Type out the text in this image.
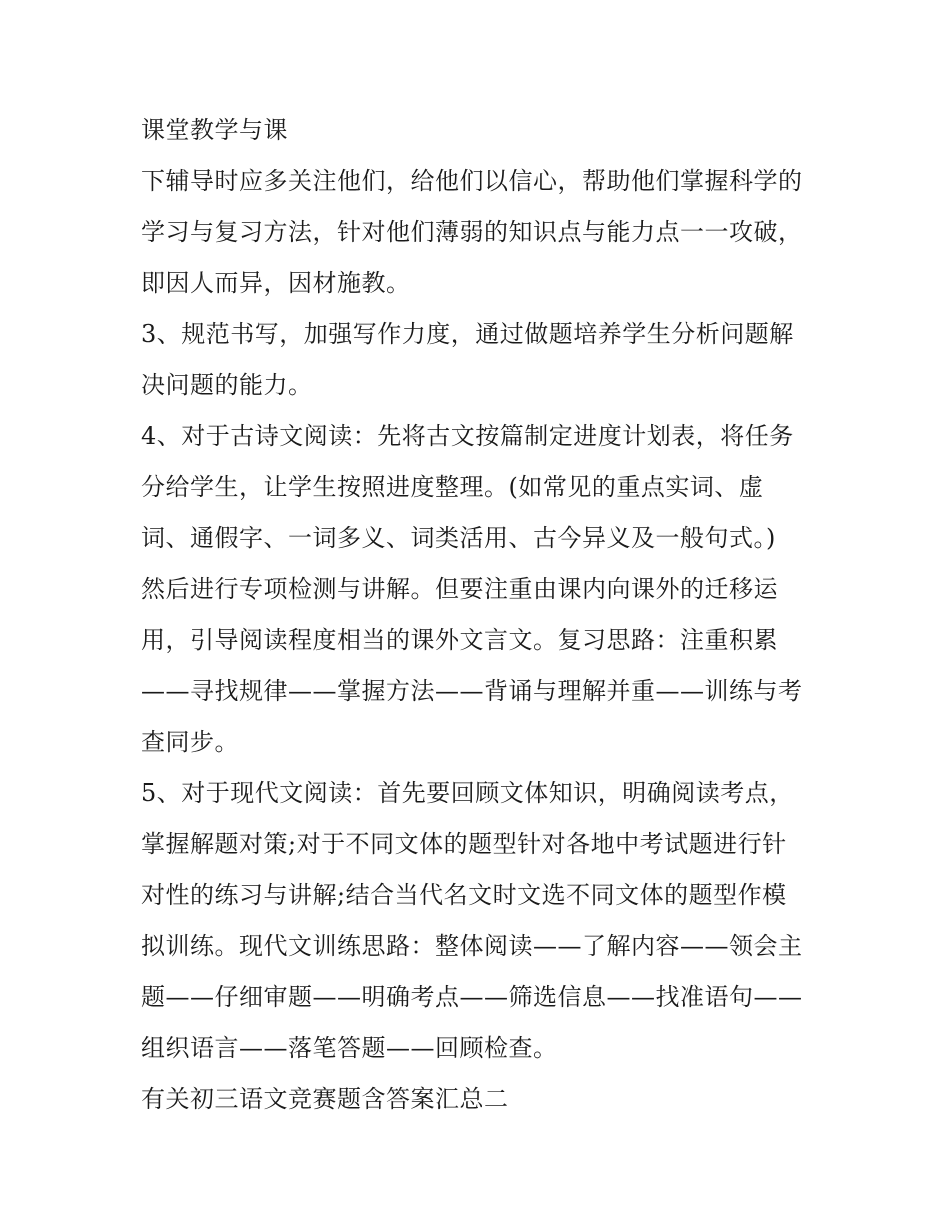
课堂教学与课

下辅导时应多关注他们，给他们以信心，帮助他们掌握科学的

学习与复习方法，针对他们薄弱的知识点与能力点一一攻破，

即因人而异，因材施教。

3、规范书写，加强写作力度，通过做题培养学生分析问题解

决问题的能力。

4、对于古诗文阅读：先将古文按篇制定进度计划表，将任务

分给学生，让学生按照进度整理。(如常见的重点实词、虚

词、通假字、一词多义、词类活用、古今异义及一般句式。)

然后进行专项检测与讲解。但要注重由课内向课外的迁移运

用，引导阅读程度相当的课外文言文。复习思路：注重积累

——寻找规律——掌握方法——背诵与理解并重——训练与考

查同步。

5、对于现代文阅读：首先要回顾文体知识，明确阅读考点，

掌握解题对策;对于不同文体的题型针对各地中考试题进行针

对性的练习与讲解;结合当代名文时文选不同文体的题型作模

拟训练。现代文训练思路：整体阅读——了解内容——领会主

题——仔细审题——明确考点——筛选信息——找准语句——

组织语言——落笔答题——回顾检查。

有关初三语文竞赛题含答案汇总二
